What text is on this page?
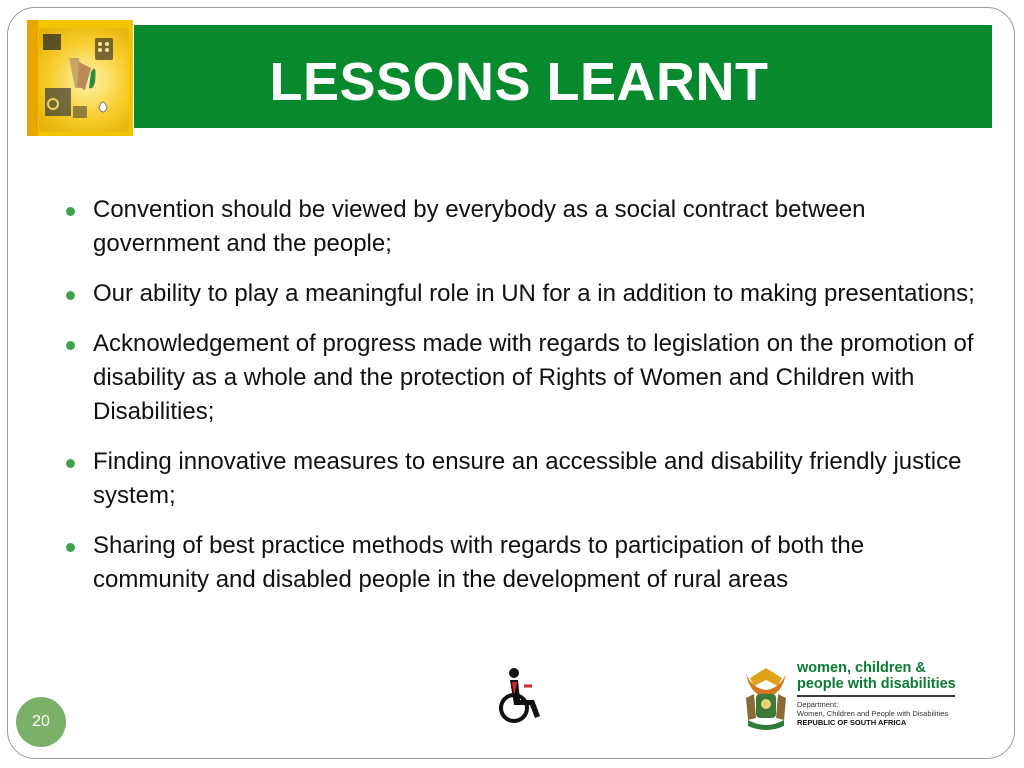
LESSONS LEARNT
Convention should be viewed by everybody as a social contract between government and the people;
Our ability to play a meaningful role in UN for a in addition to making presentations;
Acknowledgement of progress made with regards to legislation on the promotion of disability as a whole and the protection of Rights of Women and Children with Disabilities;
Finding innovative measures to ensure an accessible and disability friendly justice system;
Sharing of best practice methods with regards to participation of both the community and disabled people in the development of rural areas
women, children &
people with disabilities
Department:
Women, Children and People with Disabilities
REPUBLIC OF SOUTH AFRICA
20
